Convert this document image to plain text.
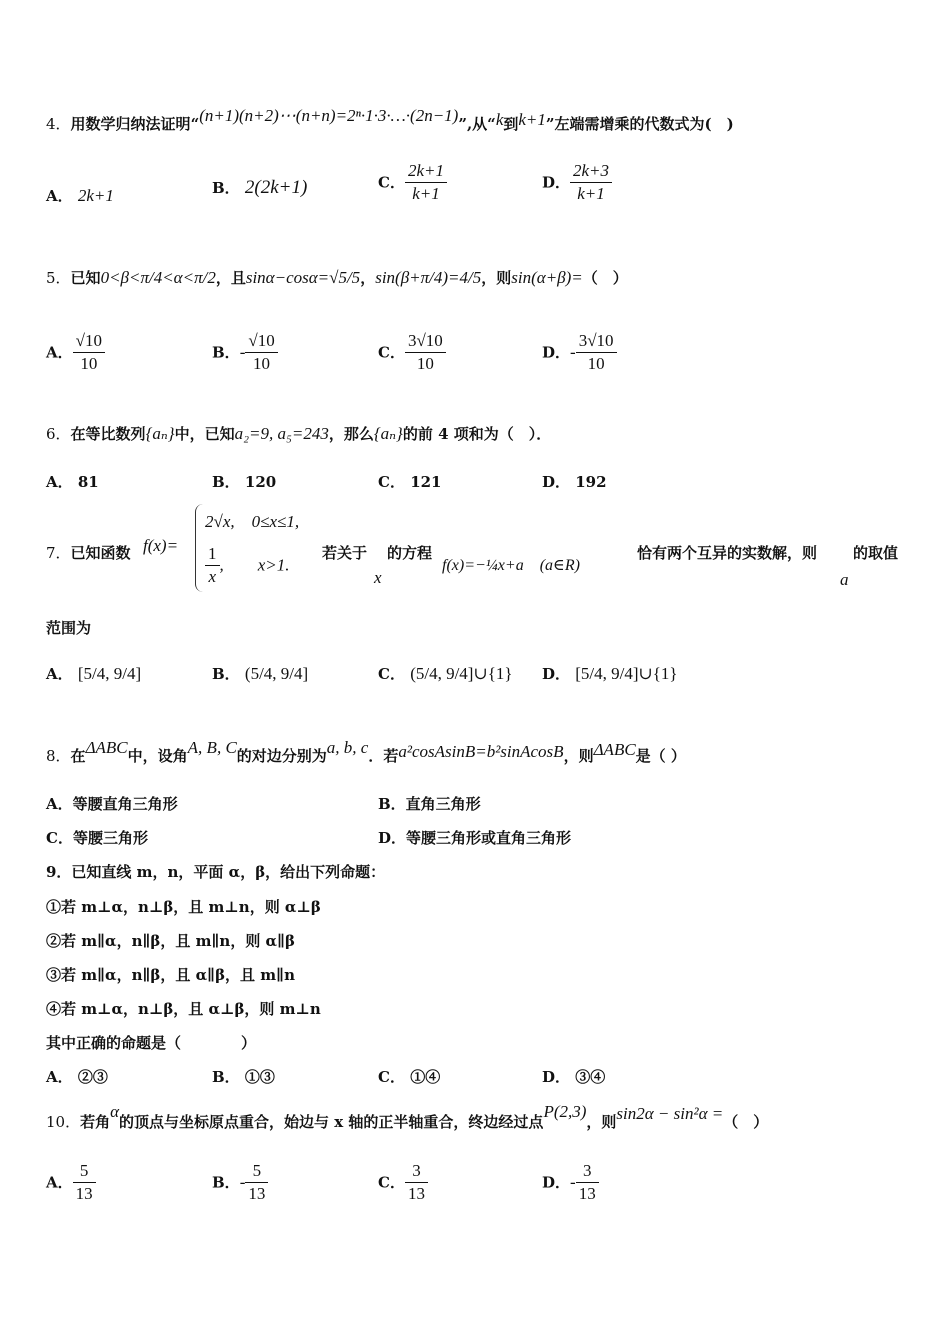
4．用数学归纳法证明“(n+1)(n+2)⋯(n+n)=2ⁿ·1·3·…·(2n−1)”,从“k到k+1”左端需增乘的代数式为(　)
A． 2k+1	B． 2(2k+1)	C． $\frac{2k+1}{k+1}$	D． $\frac{2k+3}{k+1}$
5．已知0<β<π/4<α<π/2，且sinα−cosα=√5/5，sin(β+π/4)=4/5，则sin(α+β)=（　）
A． $\frac{√10}{10}$	B．- $\frac{√10}{10}$	C． $\frac{3√10}{10}$	D．- $\frac{3√10}{10}$
6．在等比数列{aₙ}中，已知a₂=9, a₅=243，那么{aₙ}的前 4 项和为（　）．
A． 81	B． 120	C． 121	D． 192
7．已知函数 f(x)=
2√x,　0≤x≤1,
$\frac{1}{x}$ ,　　x>1.
若关于
x
的方程
f(x)=−¼x+a　(a∈R)
恰有两个互异的实数解，则
a
的取值
范围为
A． [5/4, 9/4]	B． (5/4, 9/4]	C． (5/4, 9/4]∪{1} D． [5/4, 9/4]∪{1}
8．在ΔABC中，设角A, B, C的对边分别为a, b, c．若a²cosAsinB=b²sinAcosB，则ΔABC是（ ）
A．等腰直角三角形	B．直角三角形
C．等腰三角形	D．等腰三角形或直角三角形
9．已知直线 m，n，平面 α，β，给出下列命题：
①若 m⊥α，n⊥β，且 m⊥n，则 α⊥β
②若 m∥α，n∥β，且 m∥n，则 α∥β
③若 m∥α，n∥β，且 α∥β，且 m∥n
④若 m⊥α，n⊥β，且 α⊥β，则 m⊥n
其中正确的命题是（　　　　）
A． ②③	B． ①③	C． ①④	D． ③④
10．若角α的顶点与坐标原点重合，始边与 x 轴的正半轴重合，终边经过点P(2,3)，则sin2α − sin²α =（　）
A． $\frac{5}{13}$	B．- $\frac{5}{13}$	C． $\frac{3}{13}$	D．- $\frac{3}{13}$
